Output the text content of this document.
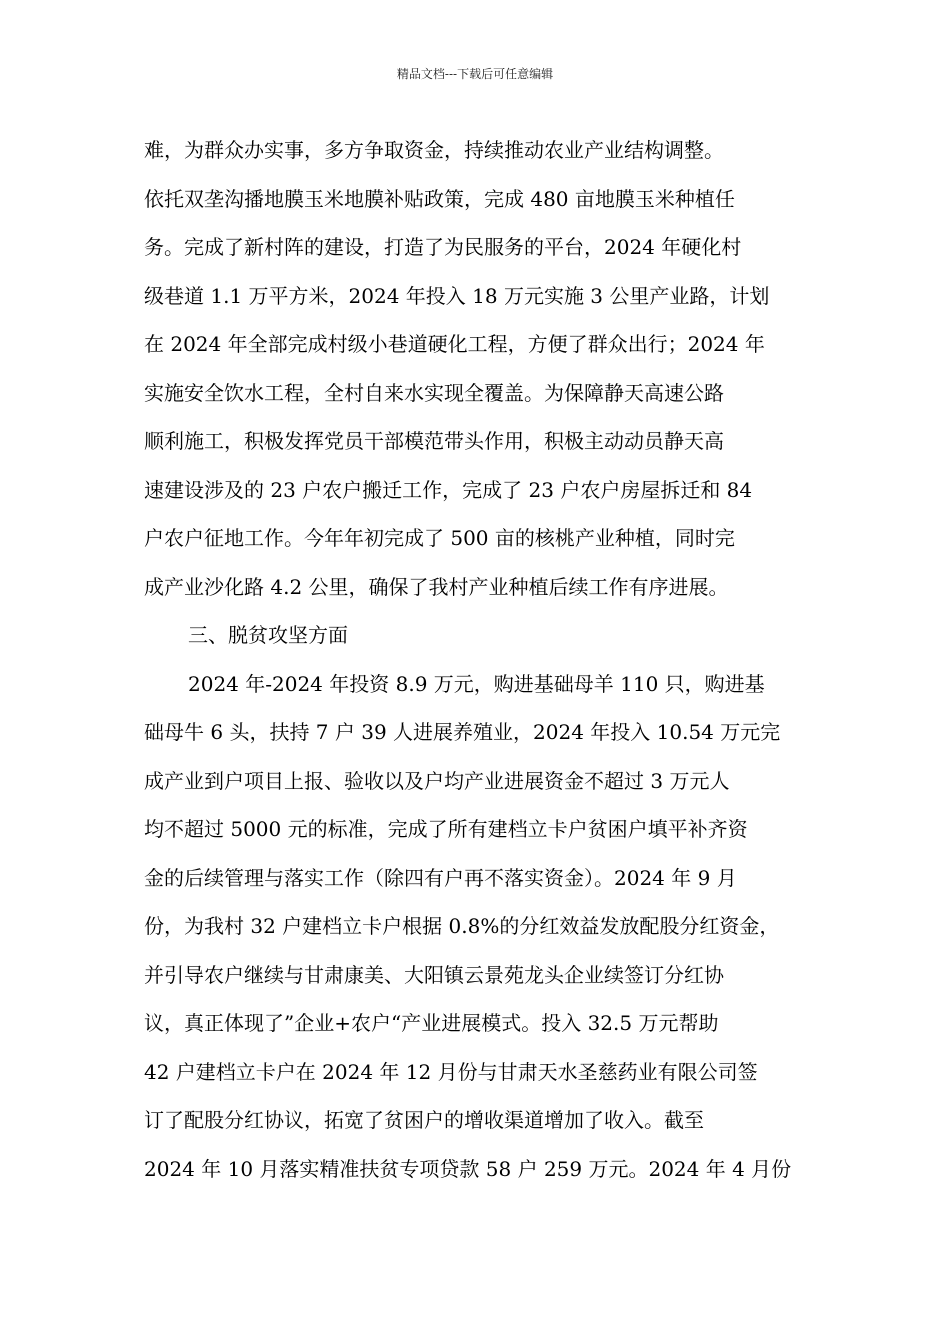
精品文档---下载后可任意编辑
难，为群众办实事，多方争取资金，持续推动农业产业结构调整。
依托双垄沟播地膜玉米地膜补贴政策，完成 480 亩地膜玉米种植任
务。完成了新村阵的建设，打造了为民服务的平台，2024 年硬化村
级巷道 1.1 万平方米，2024 年投入 18 万元实施 3 公里产业路，计划
在 2024 年全部完成村级小巷道硬化工程，方便了群众出行；2024 年
实施安全饮水工程，全村自来水实现全覆盖。为保障静天高速公路
顺利施工，积极发挥党员干部模范带头作用，积极主动动员静天高
速建设涉及的 23 户农户搬迁工作，完成了 23 户农户房屋拆迁和 84
户农户征地工作。今年年初完成了 500 亩的核桃产业种植，同时完
成产业沙化路 4.2 公里，确保了我村产业种植后续工作有序进展。
三、脱贫攻坚方面
2024 年-2024 年投资 8.9 万元，购进基础母羊 110 只，购进基
础母牛 6 头，扶持 7 户 39 人进展养殖业，2024 年投入 10.54 万元完
成产业到户项目上报、验收以及户均产业进展资金不超过 3 万元人
均不超过 5000 元的标准，完成了所有建档立卡户贫困户填平补齐资
金的后续管理与落实工作（除四有户再不落实资金）。2024 年 9 月
份，为我村 32 户建档立卡户根据 0.8%的分红效益发放配股分红资金，
并引导农户继续与甘肃康美、大阳镇云景苑龙头企业续签订分红协
议，真正体现了”企业+农户“产业进展模式。投入 32.5 万元帮助
42 户建档立卡户在 2024 年 12 月份与甘肃天水圣慈药业有限公司签
订了配股分红协议，拓宽了贫困户的增收渠道增加了收入。截至
2024 年 10 月落实精准扶贫专项贷款 58 户 259 万元。2024 年 4 月份
